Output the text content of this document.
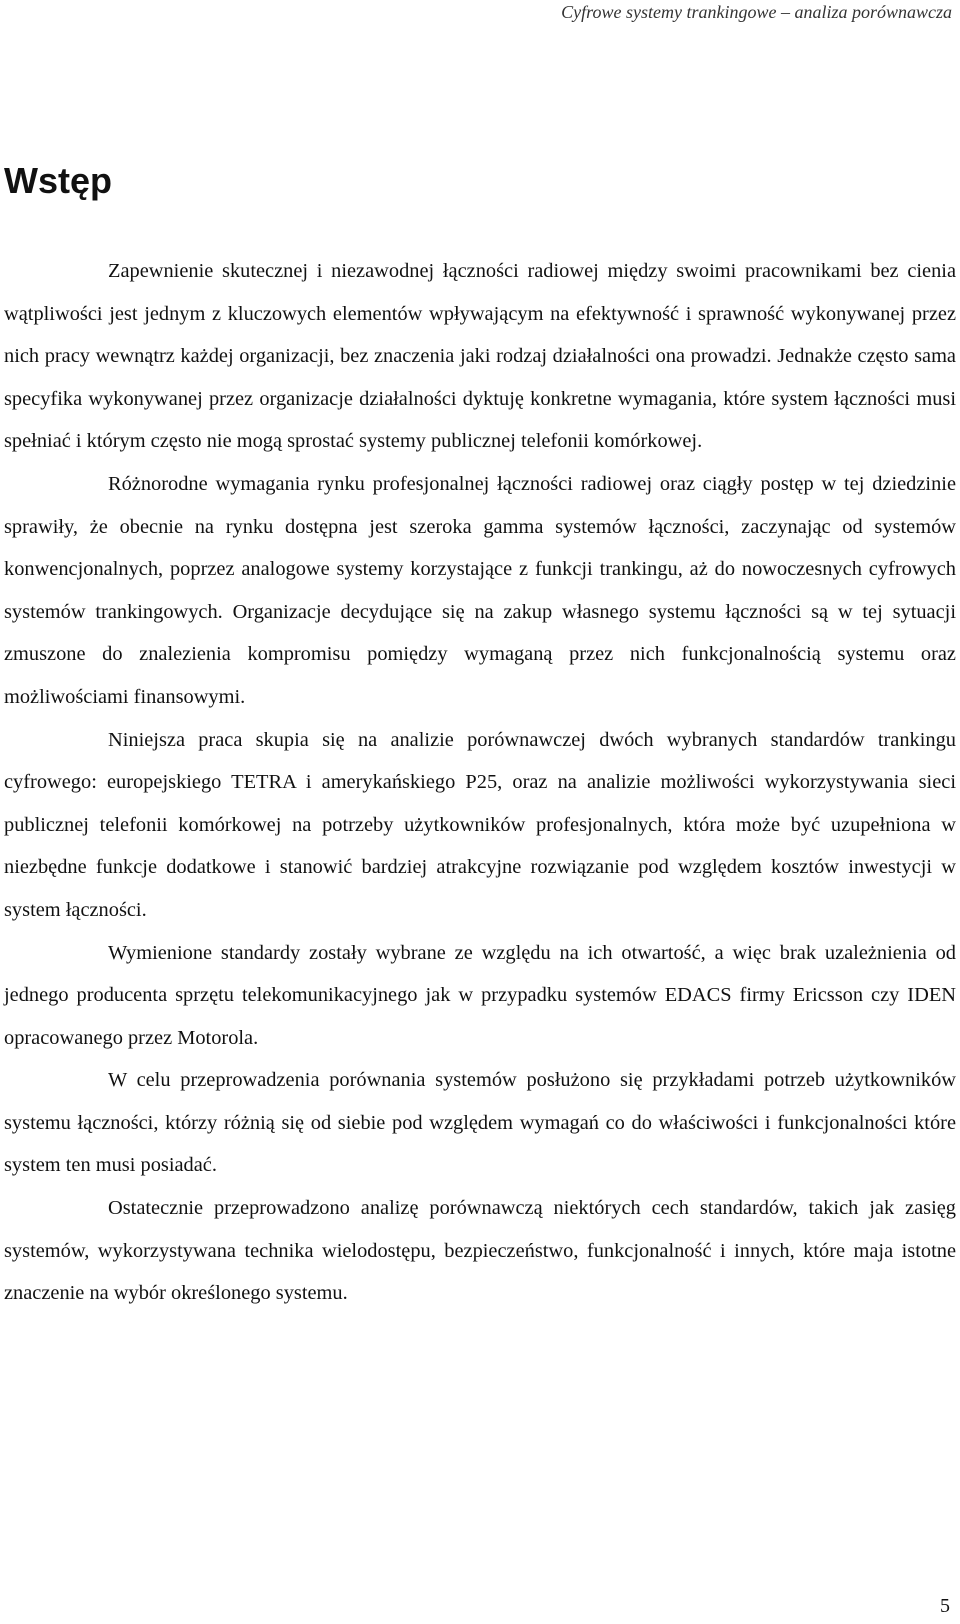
Cyfrowe systemy trankingowe – analiza porównawcza
Wstęp

Zapewnienie skutecznej i niezawodnej łączności radiowej między swoimi pracownikami bez cienia wątpliwości jest jednym z kluczowych elementów wpływającym na efektywność i sprawność wykonywanej przez nich pracy wewnątrz każdej organizacji, bez znaczenia jaki rodzaj działalności ona prowadzi. Jednakże często sama specyfika wykonywanej przez organizacje działalności dyktuję konkretne wymagania, które system łączności musi spełniać i którym często nie mogą sprostać systemy publicznej telefonii komórkowej.

Różnorodne wymagania rynku profesjonalnej łączności radiowej oraz ciągły postęp w tej dziedzinie sprawiły, że obecnie na rynku dostępna jest szeroka gamma systemów łączności, zaczynając od systemów konwencjonalnych, poprzez analogowe systemy korzystające z funkcji trankingu, aż do nowoczesnych cyfrowych systemów trankingowych. Organizacje decydujące się na zakup własnego systemu łączności są w tej sytuacji zmuszone do znalezienia kompromisu pomiędzy wymaganą przez nich funkcjonalnością systemu oraz możliwościami finansowymi.

Niniejsza praca skupia się na analizie porównawczej dwóch wybranych standardów trankingu cyfrowego: europejskiego TETRA i amerykańskiego P25, oraz na analizie możliwości wykorzystywania sieci publicznej telefonii komórkowej na potrzeby użytkowników profesjonalnych, która może być uzupełniona w niezbędne funkcje dodatkowe i stanowić bardziej atrakcyjne rozwiązanie pod względem kosztów inwestycji w system łączności.

Wymienione standardy zostały wybrane ze względu na ich otwartość, a więc brak uzależnienia od jednego producenta sprzętu telekomunikacyjnego jak w przypadku systemów EDACS firmy Ericsson czy IDEN opracowanego przez Motorola.

W celu przeprowadzenia porównania systemów posłużono się przykładami potrzeb użytkowników systemu łączności, którzy różnią się od siebie pod względem wymagań co do właściwości i funkcjonalności które system ten musi posiadać.

Ostatecznie przeprowadzono analizę porównawczą niektórych cech standardów, takich jak zasięg systemów, wykorzystywana technika wielodostępu, bezpieczeństwo, funkcjonalność i innych, które maja istotne znaczenie na wybór określonego systemu.

5
